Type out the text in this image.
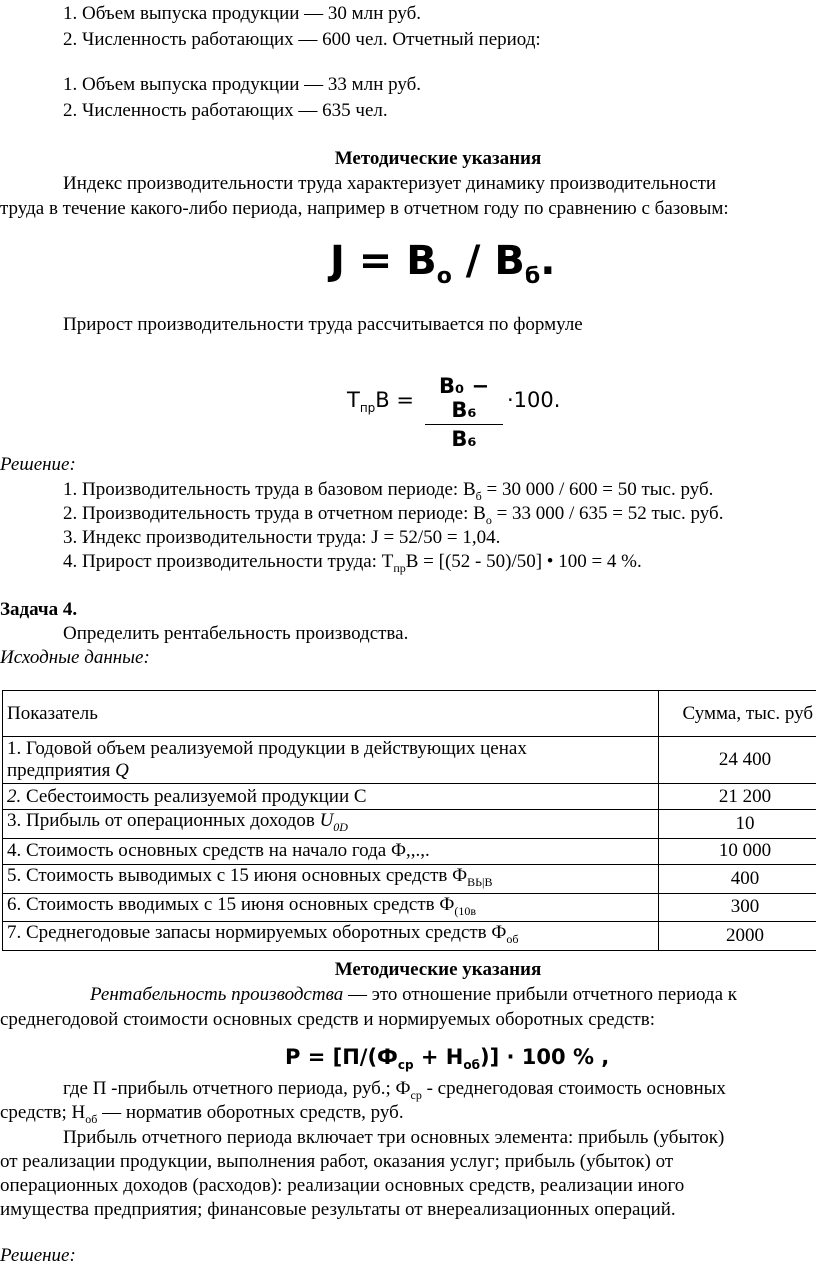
1. Объем выпуска продукции — 30 млн руб.
2. Численность работающих — 600 чел. Отчетный период:
1. Объем выпуска продукции — 33 млн руб.
2. Численность работающих — 635 чел.
Методические указания
Индекс производительности труда характеризует динамику производительности
труда в течение какого-либо периода, например в отчетном году по сравнению с базовым:
$J = B_о / B_б$.
Прирост производительности труда рассчитывается по формуле
$Т_{пр}В$ =
В₀ − В₆
В₆
·100.
Решение:
1. Производительность труда в базовом периоде: $В_б = 30$ 000 / 600 = 50 тыс. руб.
2. Производительность труда в отчетном периоде: $В_о = 33$ 000 / 635 = 52 тыс. руб.
3. Индекс производительности труда: J = 52/50 = 1,04.
4. Прирост производительности труда: $Т_{пр}В = [(52 - 50)/50]$ • 100 = 4 %.
Задача 4.
Определить рентабельность производства.
Исходные данные:
Показатель	Сумма, тыс. руб
1. Годовой объем реализуемой продукции в действующих ценах
предприятия Q	24 400
2. Себестоимость реализуемой продукции С	21 200
3. Прибыль от операционных доходов $U_{0D}$	10
4. Стоимость основных средств на начало года Ф,,.,.	10 000
5. Стоимость выводимых с 15 июня основных средств $Ф_{ВЬ|В}$	400
6. Стоимость вводимых с 15 июня основных средств $Ф_{(10в}$	300
7. Среднегодовые запасы нормируемых оборотных средств $Ф_{об}$	2000
Методические указания
Рентабельность производства — это отношение прибыли отчетного периода к
среднегодовой стоимости основных средств и нормируемых оборотных средств:
$Р = [П/(Ф_{ср} + Н_{об})] \cdot 100$ % ,
где П -прибыль отчетного периода, руб.; $Ф_{ср}$ - среднегодовая стоимость основных
средств; $Н_{об}$ — норматив оборотных средств, руб.
Прибыль отчетного периода включает три основных элемента: прибыль (убыток)
от реализации продукции, выполнения работ, оказания услуг; прибыль (убыток) от
операционных доходов (расходов): реализации основных средств, реализации иного
имущества предприятия; финансовые результаты от внереализационных операций.
Решение:
